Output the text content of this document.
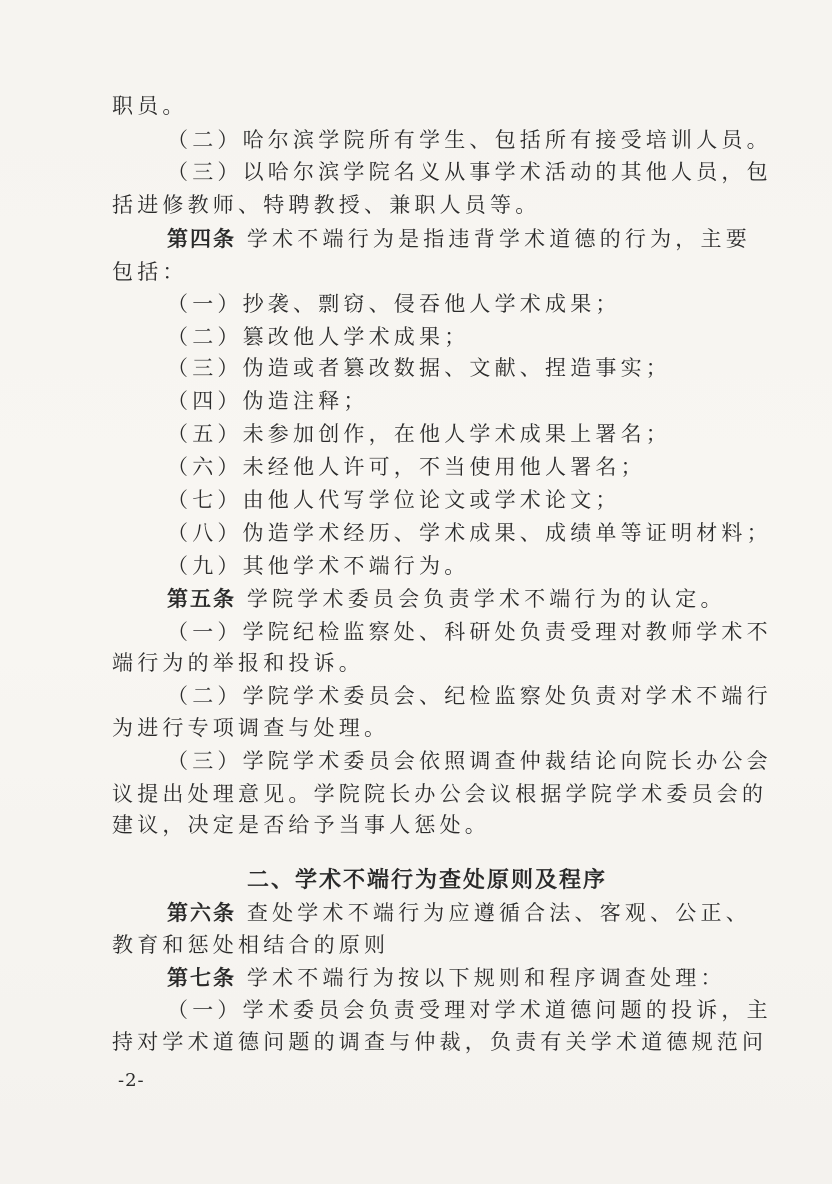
职员。
（二）哈尔滨学院所有学生、包括所有接受培训人员。
（三）以哈尔滨学院名义从事学术活动的其他人员，包
括进修教师、特聘教授、兼职人员等。
第四条 学术不端行为是指违背学术道德的行为，主要
包括：
（一）抄袭、剽窃、侵吞他人学术成果；
（二）篡改他人学术成果；
（三）伪造或者篡改数据、文献、捏造事实；
（四）伪造注释；
（五）未参加创作，在他人学术成果上署名；
（六）未经他人许可，不当使用他人署名；
（七）由他人代写学位论文或学术论文；
（八）伪造学术经历、学术成果、成绩单等证明材料；
（九）其他学术不端行为。
第五条 学院学术委员会负责学术不端行为的认定。
（一）学院纪检监察处、科研处负责受理对教师学术不
端行为的举报和投诉。
（二）学院学术委员会、纪检监察处负责对学术不端行
为进行专项调查与处理。
（三）学院学术委员会依照调查仲裁结论向院长办公会
议提出处理意见。学院院长办公会议根据学院学术委员会的
建议，决定是否给予当事人惩处。
二、学术不端行为查处原则及程序
第六条 查处学术不端行为应遵循合法、客观、公正、
教育和惩处相结合的原则
第七条 学术不端行为按以下规则和程序调查处理：
（一）学术委员会负责受理对学术道德问题的投诉，主
持对学术道德问题的调查与仲裁，负责有关学术道德规范问
-2-
